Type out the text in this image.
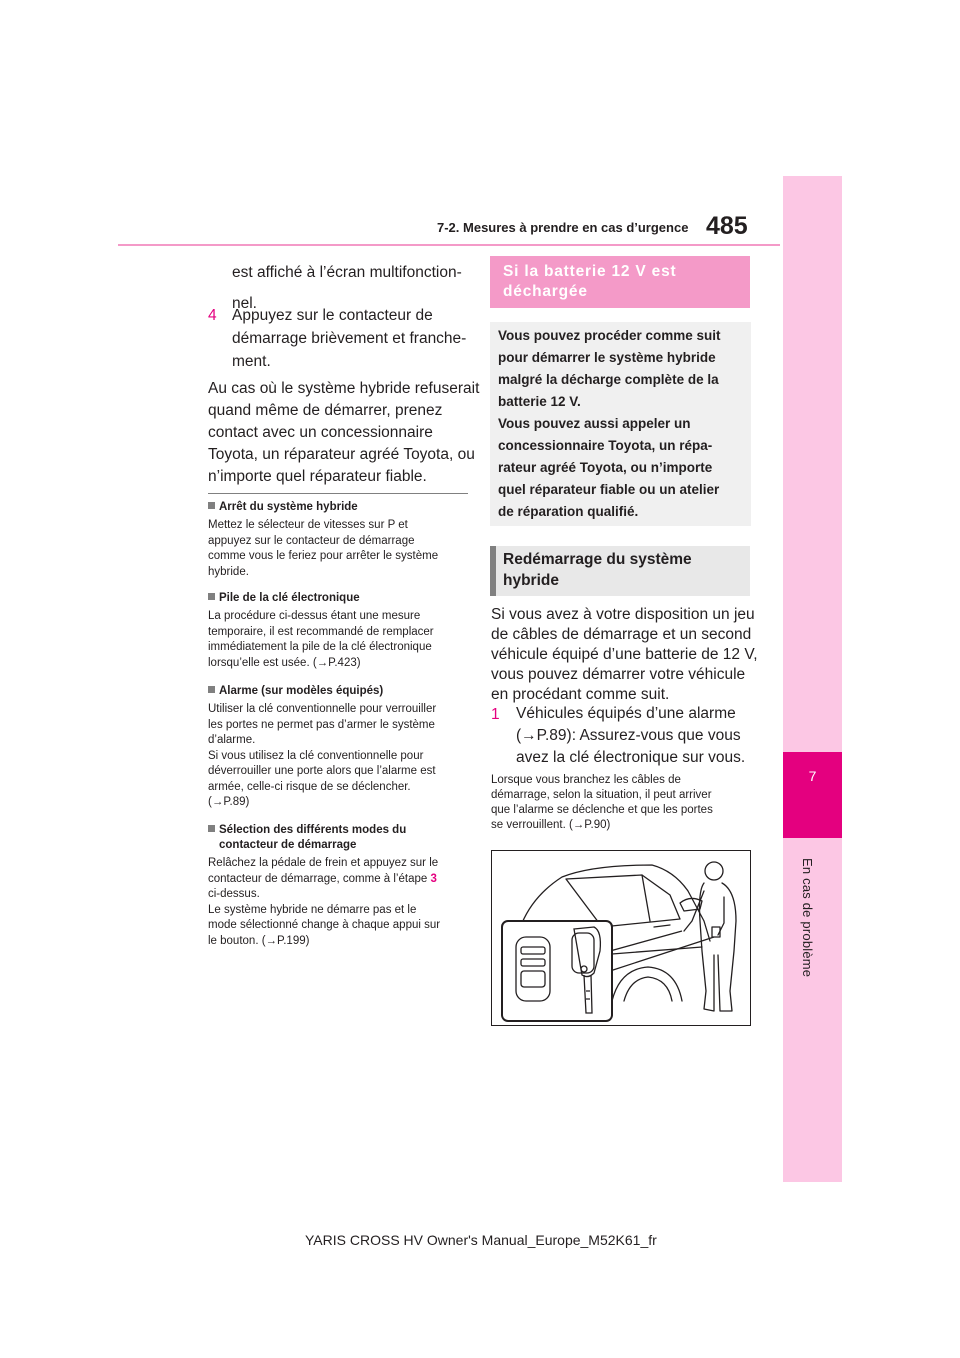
7
En cas de problème
7-2. Mesures à prendre en cas d’urgence 485
est affiché à l’écran multifonction-
nel.
4 Appuyez sur le contacteur de
démarrage brièvement et franche-
ment.
Au cas où le système hybride refuserait
quand même de démarrer, prenez
contact avec un concessionnaire
Toyota, un réparateur agréé Toyota, ou
n’importe quel réparateur fiable.
Arrêt du système hybride
Mettez le sélecteur de vitesses sur P et
appuyez sur le contacteur de démarrage
comme vous le feriez pour arrêter le système
hybride.
Pile de la clé électronique
La procédure ci-dessus étant une mesure
temporaire, il est recommandé de remplacer
immédiatement la pile de la clé électronique
lorsqu’elle est usée. (→P.423)
Alarme (sur modèles équipés)
Utiliser la clé conventionnelle pour verrouiller
les portes ne permet pas d’armer le système
d’alarme.
Si vous utilisez la clé conventionnelle pour
déverrouiller une porte alors que l’alarme est
armée, celle-ci risque de se déclencher.
(→P.89)
Sélection des différents modes du
contacteur de démarrage
Relâchez la pédale de frein et appuyez sur le
contacteur de démarrage, comme à l’étape 3
ci-dessus.
Le système hybride ne démarre pas et le
mode sélectionné change à chaque appui sur
le bouton. (→P.199)
Si la batterie 12 V est
déchargée
Vous pouvez procéder comme suit
pour démarrer le système hybride
malgré la décharge complète de la
batterie 12 V.
Vous pouvez aussi appeler un
concessionnaire Toyota, un répa-
rateur agréé Toyota, ou n’importe
quel réparateur fiable ou un atelier
de réparation qualifié.
Redémarrage du système
hybride
Si vous avez à votre disposition un jeu
de câbles de démarrage et un second
véhicule équipé d’une batterie de 12 V,
vous pouvez démarrer votre véhicule
en procédant comme suit.
1 Véhicules équipés d’une alarme
(→P.89): Assurez-vous que vous
avez la clé électronique sur vous.
Lorsque vous branchez les câbles de
démarrage, selon la situation, il peut arriver
que l’alarme se déclenche et que les portes
se verrouillent. (→P.90)
YARIS CROSS HV Owner's Manual_Europe_M52K61_fr
